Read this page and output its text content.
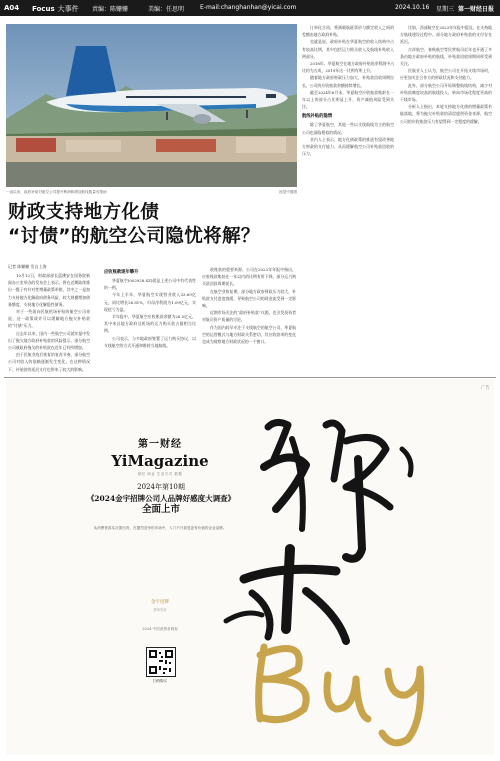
A04 Focus 大事件 责编：陈姗姗	美编：任思明	E-mail:changhanhan@yicai.com	2024.10.16 星期三 第一财经日报
一直以来，政府补贴对航空公司提升利润和增加航线数量有帮助	视觉中国图
财政支持地方化债
“讨债”的航空公司隐忧将解？
记者 陈姗姗 发自上海

10月12日，财政部部长蓝佛安在国务院新闻办公室举办的发布会上表示，将在近期陆续推出一揽子有针对性增量政策举措，其中之一是加力支持地方化解政府债务风险，较大规模增加债务额度，支持地方化解隐性债务。

对于一些面向民航机场补贴的航空公司来说，这一政策或许可以缓解地方拖欠补贴款的“讨债”压力。

自去年以来，国内一些航空公司就年报中发出了拖欠地方政府补贴款的风险提示，部分航空公司被政府拖欠的补贴款在近年已有所增加。

由于民航业疫后恢复的复苏节奏，部分航空公司对收入的依赖逐渐发生变化，在这种情况下，补贴款的延迟支付也带来了较大的影响。

应收账款逐年攀升

华夏航空(002928.SZ)就是上述公司中有代表性的一例。

今年上半年，华夏航空实现营业收入33.69亿元，同比增长26.81%，归母净利润为1.09亿元，实现扭亏为盈。

半年报中，华夏航空应收账款余额为26.5亿元，其中来自地方政府及机场的运力购买款占据相当比例。

公司表示，与多地政府签署了运力购买协议，以支线航空的方式开通和维持当地航线。

收账款的重要来源。公司在2023年年报中指出，应收账款账龄在一年以内的比例有所下降，部分运力购买款回款周期延长。

在航空业恢复期，部分地方政府财政压力较大，补贴款支付进度放缓，导致航空公司的现金流受到一定影响。

近期市场关注的“政府补贴款”议题，也引发投资者对航司资产质量的讨论。

作为国内较早专注于支线航空的航空公司，华夏航空的运营模式与地方财政关系密切，其应收款项的变化也成为观察地方财政状况的一个窗口。

订单化合同，将满载航班票价与额定收入之间的差额由地方政府补贴。

也就是说，政府补贴在华夏航空的收入结构中占有较高比例，其中包括运力购买收入及航线补贴收入两部分。

2018年，华夏航空在地方政府补贴的净利润中占比约为五成，2019年这一比例有所上升。

随着地方政府财政压力加大，补贴款回收周期拉长，公司的应收账款余额持续增长。

截至2024年6月末，华夏航空应收账款账龄在一年以上的部分占比明显上升，资产减值风险受到关注。

航线补贴的隐情

除了华夏航空，其他一些以支线航线为主的航空公司也面临相似的情况。

业内人士表示，地方化债政策的推进有望改善地方财政的支付能力，从而缓解航空公司补贴款回收的压力。

比如，西部航空在2023年年报中提及，在支持地方航线建设过程中，部分地方政府补贴款的支付存在延迟。

吉祥航空、春秋航空等民营航司近年也开通了多条由地方政府补贴的航线，补贴款回收周期同样受到关注。

民航业人士认为，航空公司在开拓支线市场时，应更加关注合作方的财政状况和支付能力。

此外，部分航空公司开始调整航线结构，减少对补贴依赖度较高的航线投入，转向市场化程度更高的干线市场。

分析人士指出，本轮支持地方化债的增量政策若能落地，将为拖欠补贴款的清偿提供资金来源，航空公司的应收账款压力有望得到一定程度的缓解。

广告
第一财经
YiMagazine
财经 商业 生活方式 数据
2024年第10期
《2024金宇招牌公司人品牌好感度大调查》
全面上市
从消费者真实反馈出发，在激烈竞争的市场中，入门不只看见更有价值的企业品牌。
金宇招牌
榜单发布
2024 中国消费者调查
扫码购买
